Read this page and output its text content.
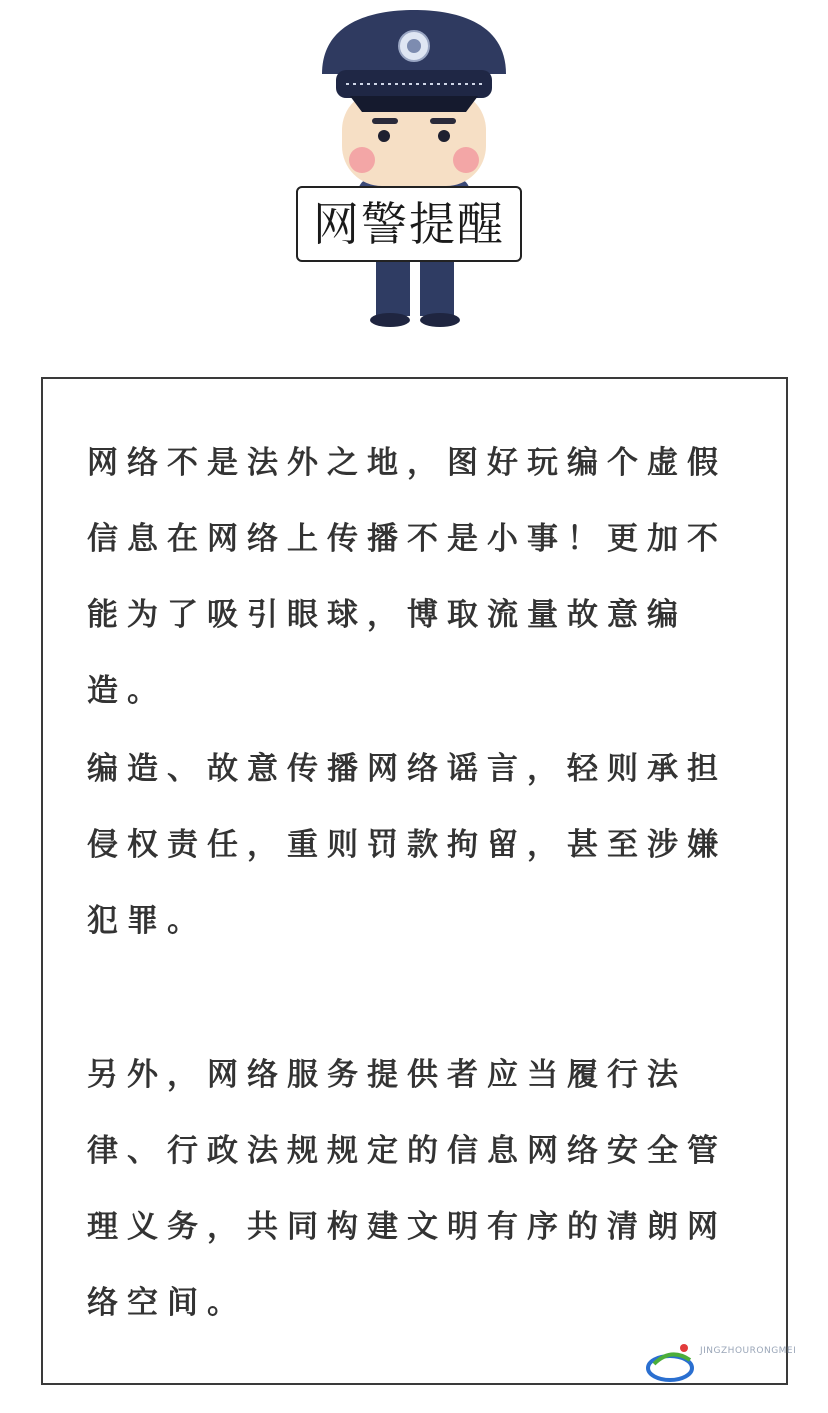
网警提醒

网络不是法外之地，图好玩编个虚假信息在网络上传播不是小事！更加不能为了吸引眼球，博取流量故意编造。

编造、故意传播网络谣言，轻则承担侵权责任，重则罚款拘留，甚至涉嫌犯罪。

另外，网络服务提供者应当履行法律、行政法规规定的信息网络安全管理义务，共同构建文明有序的清朗网络空间。

JINGZHOURONGMEI
